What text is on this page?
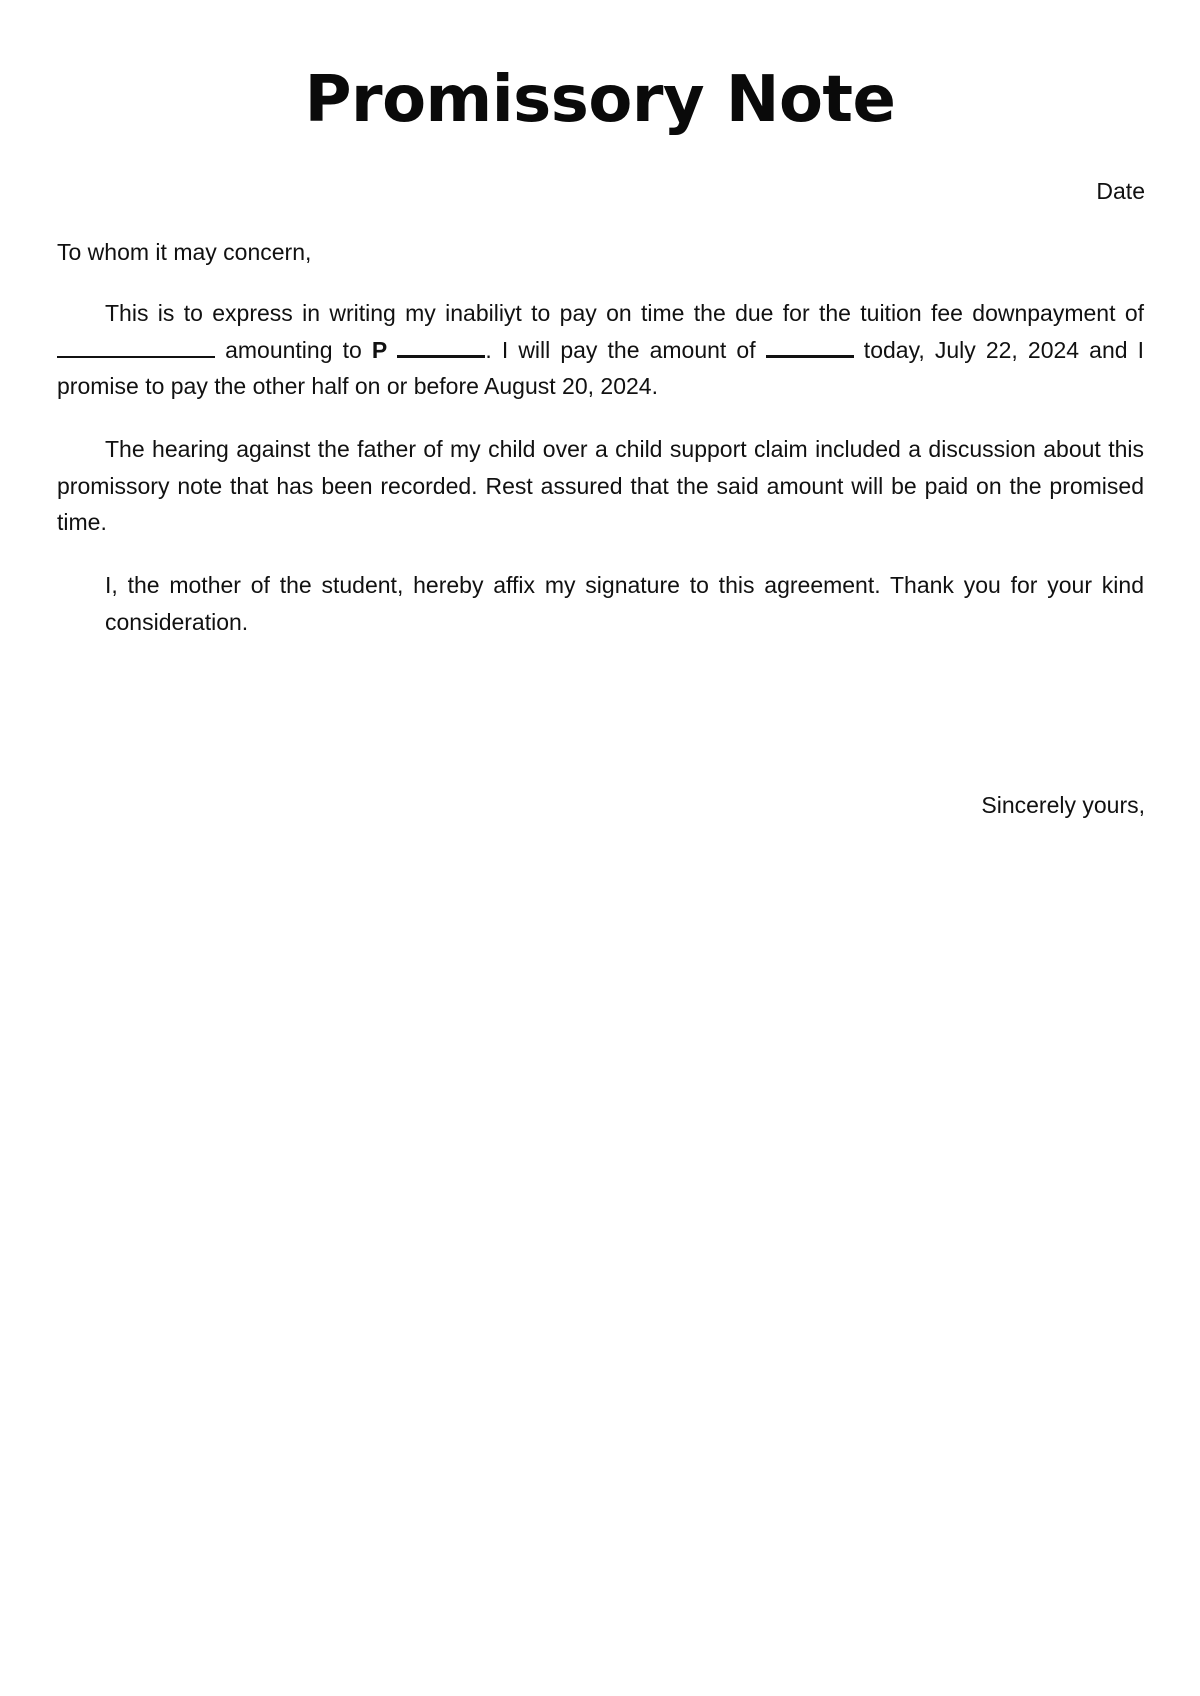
Promissory Note
Date

To whom it may concern,

This is to express in writing my inabiliyt to pay on time the due for the tuition fee downpayment of  amounting to P	. I will pay the amount of	today, July 22, 2024 and I promise to pay the other half on or before August 20, 2024.

The hearing against the father of my child over a child support claim included a discussion about this promissory note that has been recorded. Rest assured that the said amount will be paid on the promised time.

I, the mother of the student, hereby affix my signature to this agreement. Thank you for your kind consideration.

Sincerely yours,
